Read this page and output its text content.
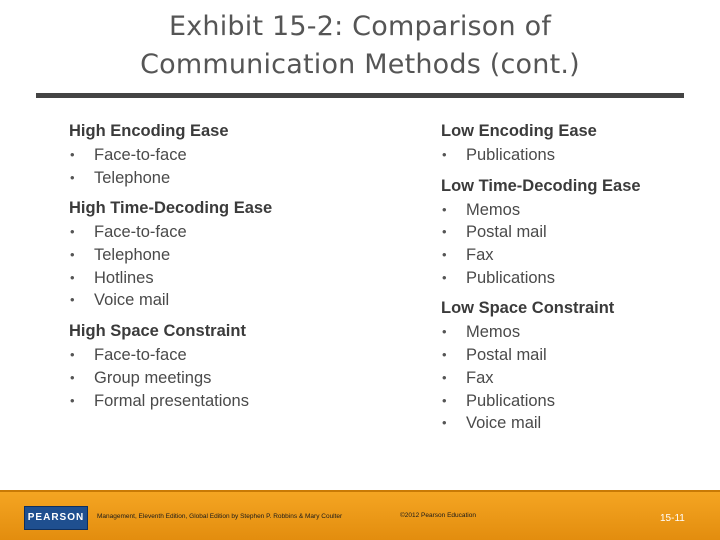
Exhibit 15-2: Comparison of
Communication Methods (cont.)
High Encoding Ease
• Face-to-face
• Telephone
High Time-Decoding Ease
• Face-to-face
• Telephone
• Hotlines
• Voice mail
High Space Constraint
• Face-to-face
• Group meetings
• Formal presentations
Low Encoding Ease
• Publications
Low Time-Decoding Ease
• Memos
• Postal mail
• Fax
• Publications
Low Space Constraint
• Memos
• Postal mail
• Fax
• Publications
• Voice mail
PEARSON	Management, Eleventh Edition, Global Edition by Stephen P. Robbins & Mary Coulter	©2012 Pearson Education	15-11
